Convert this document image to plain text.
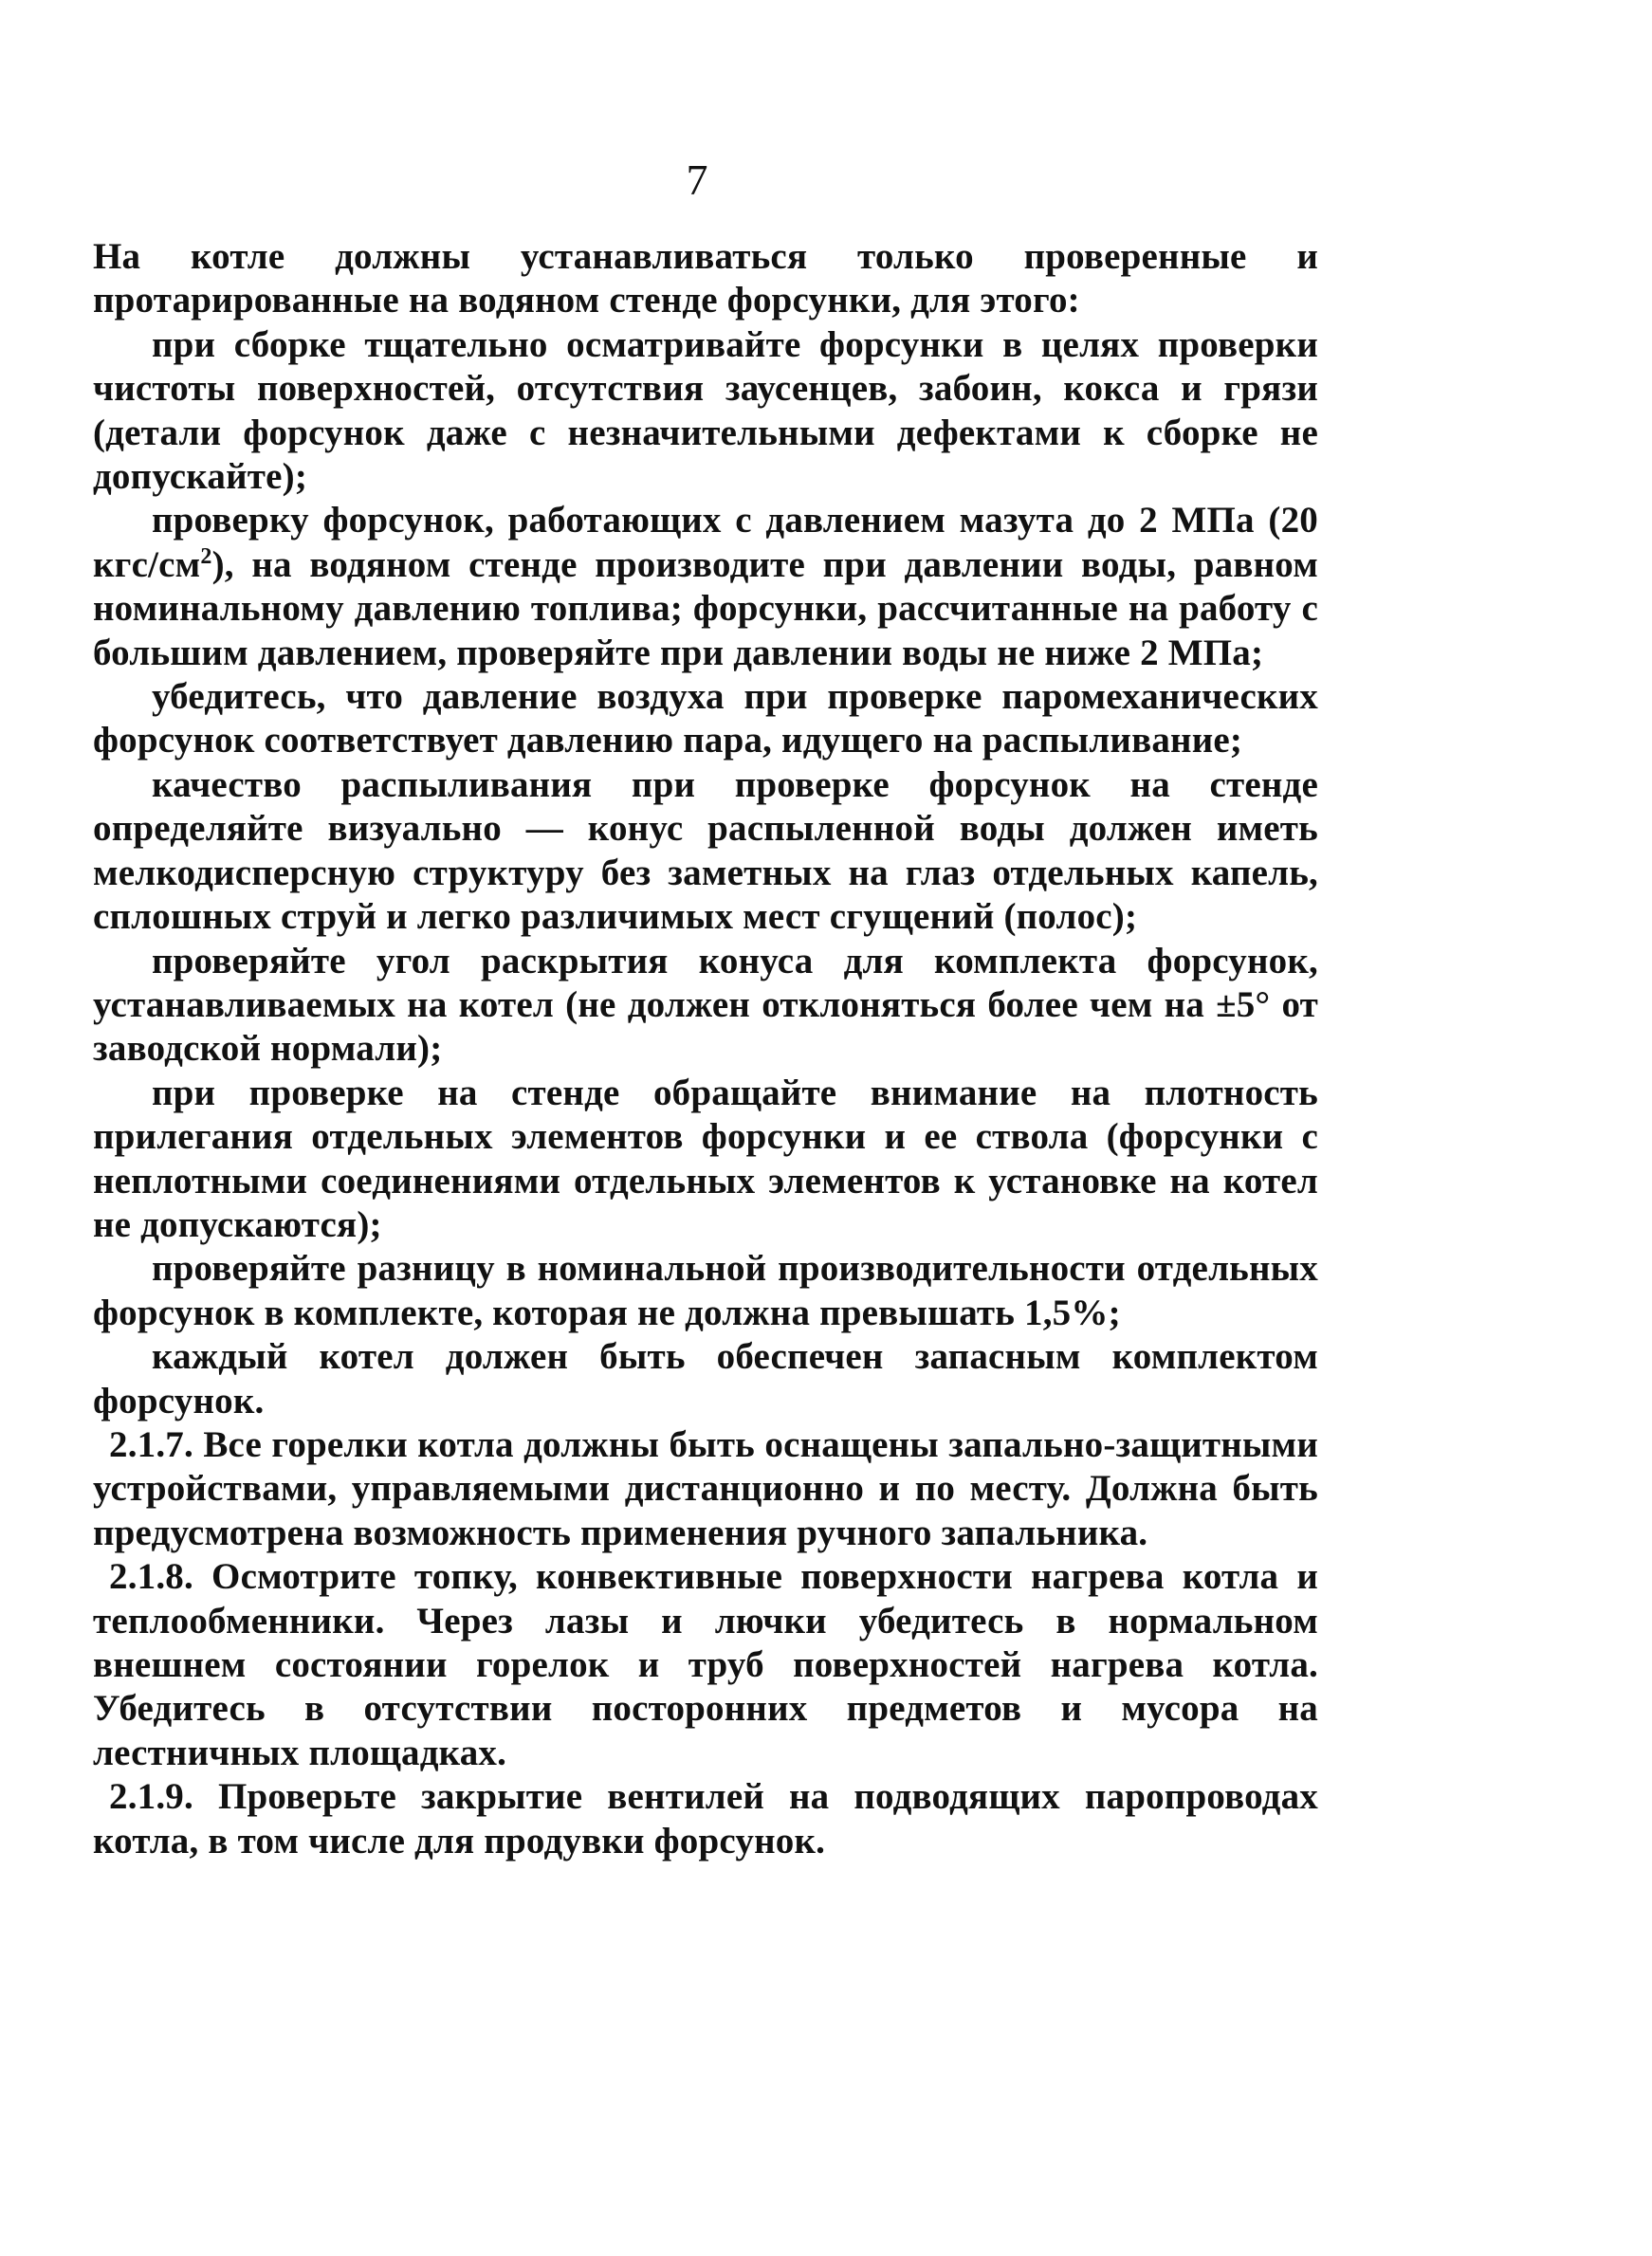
7

На котле должны устанавливаться только проверенные и протарированные на водяном стенде форсунки, для этого:

при сборке тщательно осматривайте форсунки в целях проверки чистоты поверхностей, отсутствия заусенцев, забоин, кокса и грязи (детали форсунок даже с незначительными дефектами к сборке не допускайте);

проверку форсунок, работающих с давлением мазута до 2 МПа (20 кгс/$см^2$), на водяном стенде производите при давлении воды, равном номинальному давлению топлива; форсунки, рассчитанные на работу с большим давлением, проверяйте при давлении воды не ниже 2 МПа;

убедитесь, что давление воздуха при проверке паромеханических форсунок соответствует давлению пара, идущего на распыливание;

качество распыливания при проверке форсунок на стенде определяйте визуально — конус распыленной воды должен иметь мелкодисперсную структуру без заметных на глаз отдельных капель, сплошных струй и легко различимых мест сгущений (полос);

проверяйте угол раскрытия конуса для комплекта форсунок, устанавливаемых на котел (не должен отклоняться более чем на ±5° от заводской нормали);

при проверке на стенде обращайте внимание на плотность прилегания отдельных элементов форсунки и ее ствола (форсунки с неплотными соединениями отдельных элементов к установке на котел не допускаются);

проверяйте разницу в номинальной производительности отдельных форсунок в комплекте, которая не должна превышать 1,5%;

каждый котел должен быть обеспечен запасным комплектом форсунок.

2.1.7. Все горелки котла должны быть оснащены запально-защитными устройствами, управляемыми дистанционно и по месту. Должна быть предусмотрена возможность применения ручного запальника.

2.1.8. Осмотрите топку, конвективные поверхности нагрева котла и теплообменники. Через лазы и лючки убедитесь в нормальном внешнем состоянии горелок и труб поверхностей нагрева котла. Убедитесь в отсутствии посторонних предметов и мусора на лестничных площадках.

2.1.9. Проверьте закрытие вентилей на подводящих паропроводах котла, в том числе для продувки форсунок.
